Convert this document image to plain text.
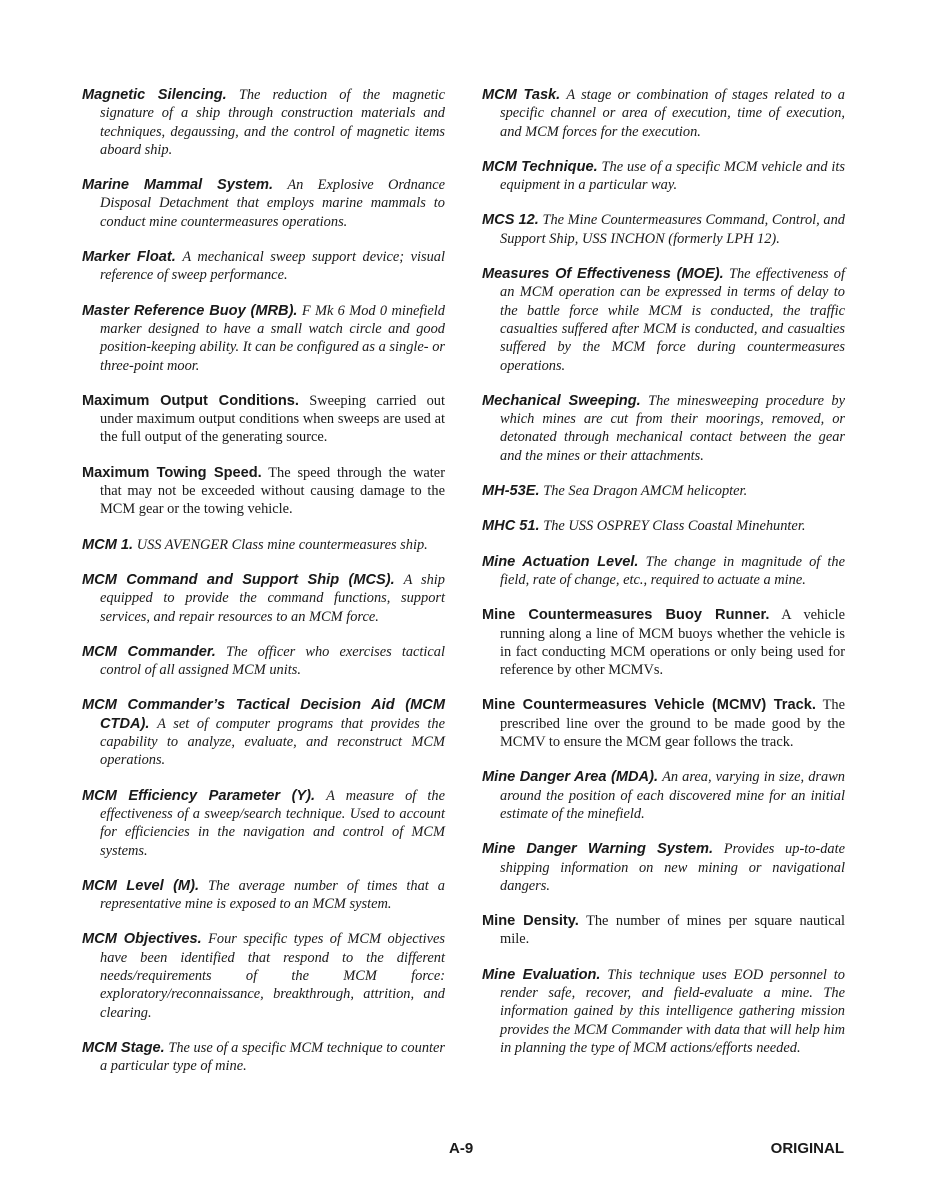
Magnetic Silencing. The reduction of the magnetic signature of a ship through construction materials and techniques, degaussing, and the control of magnetic items aboard ship.

Marine Mammal System. An Explosive Ordnance Disposal Detachment that employs marine mammals to conduct mine countermeasures operations.

Marker Float. A mechanical sweep support device; visual reference of sweep performance.

Master Reference Buoy (MRB). F Mk 6 Mod 0 minefield marker designed to have a small watch circle and good position-keeping ability. It can be configured as a single- or three-point moor.

Maximum Output Conditions. Sweeping carried out under maximum output conditions when sweeps are used at the full output of the generating source.

Maximum Towing Speed. The speed through the water that may not be exceeded without causing damage to the MCM gear or the towing vehicle.

MCM 1. USS AVENGER Class mine countermeasures ship.

MCM Command and Support Ship (MCS). A ship equipped to provide the command functions, support services, and repair resources to an MCM force.

MCM Commander. The officer who exercises tactical control of all assigned MCM units.

MCM Commander’s Tactical Decision Aid (MCM CTDA). A set of computer programs that provides the capability to analyze, evaluate, and reconstruct MCM operations.

MCM Efficiency Parameter (Y). A measure of the effectiveness of a sweep/search technique. Used to account for efficiencies in the navigation and control of MCM systems.

MCM Level (M). The average number of times that a representative mine is exposed to an MCM system.

MCM Objectives. Four specific types of MCM objectives have been identified that respond to the different needs/requirements of the MCM force: exploratory/reconnaissance, breakthrough, attrition, and clearing.

MCM Stage. The use of a specific MCM technique to counter a particular type of mine.

MCM Task. A stage or combination of stages related to a specific channel or area of execution, time of execution, and MCM forces for the execution.

MCM Technique. The use of a specific MCM vehicle and its equipment in a particular way.

MCS 12. The Mine Countermeasures Command, Control, and Support Ship, USS INCHON (formerly LPH 12).

Measures Of Effectiveness (MOE). The effectiveness of an MCM operation can be expressed in terms of delay to the battle force while MCM is conducted, the traffic casualties suffered after MCM is conducted, and casualties suffered by the MCM force during countermeasures operations.

Mechanical Sweeping. The minesweeping procedure by which mines are cut from their moorings, removed, or detonated through mechanical contact between the gear and the mines or their attachments.

MH-53E. The Sea Dragon AMCM helicopter.

MHC 51. The USS OSPREY Class Coastal Minehunter.

Mine Actuation Level. The change in magnitude of the field, rate of change, etc., required to actuate a mine.

Mine Countermeasures Buoy Runner. A vehicle running along a line of MCM buoys whether the vehicle is in fact conducting MCM operations or only being used for reference by other MCMVs.

Mine Countermeasures Vehicle (MCMV) Track. The prescribed line over the ground to be made good by the MCMV to ensure the MCM gear follows the track.

Mine Danger Area (MDA). An area, varying in size, drawn around the position of each discovered mine for an initial estimate of the minefield.

Mine Danger Warning System. Provides up-to-date shipping information on new mining or navigational dangers.

Mine Density. The number of mines per square nautical mile.

Mine Evaluation. This technique uses EOD personnel to render safe, recover, and field-evaluate a mine. The information gained by this intelligence gathering mission provides the MCM Commander with data that will help him in planning the type of MCM actions/efforts needed.

A-9	ORIGINAL
